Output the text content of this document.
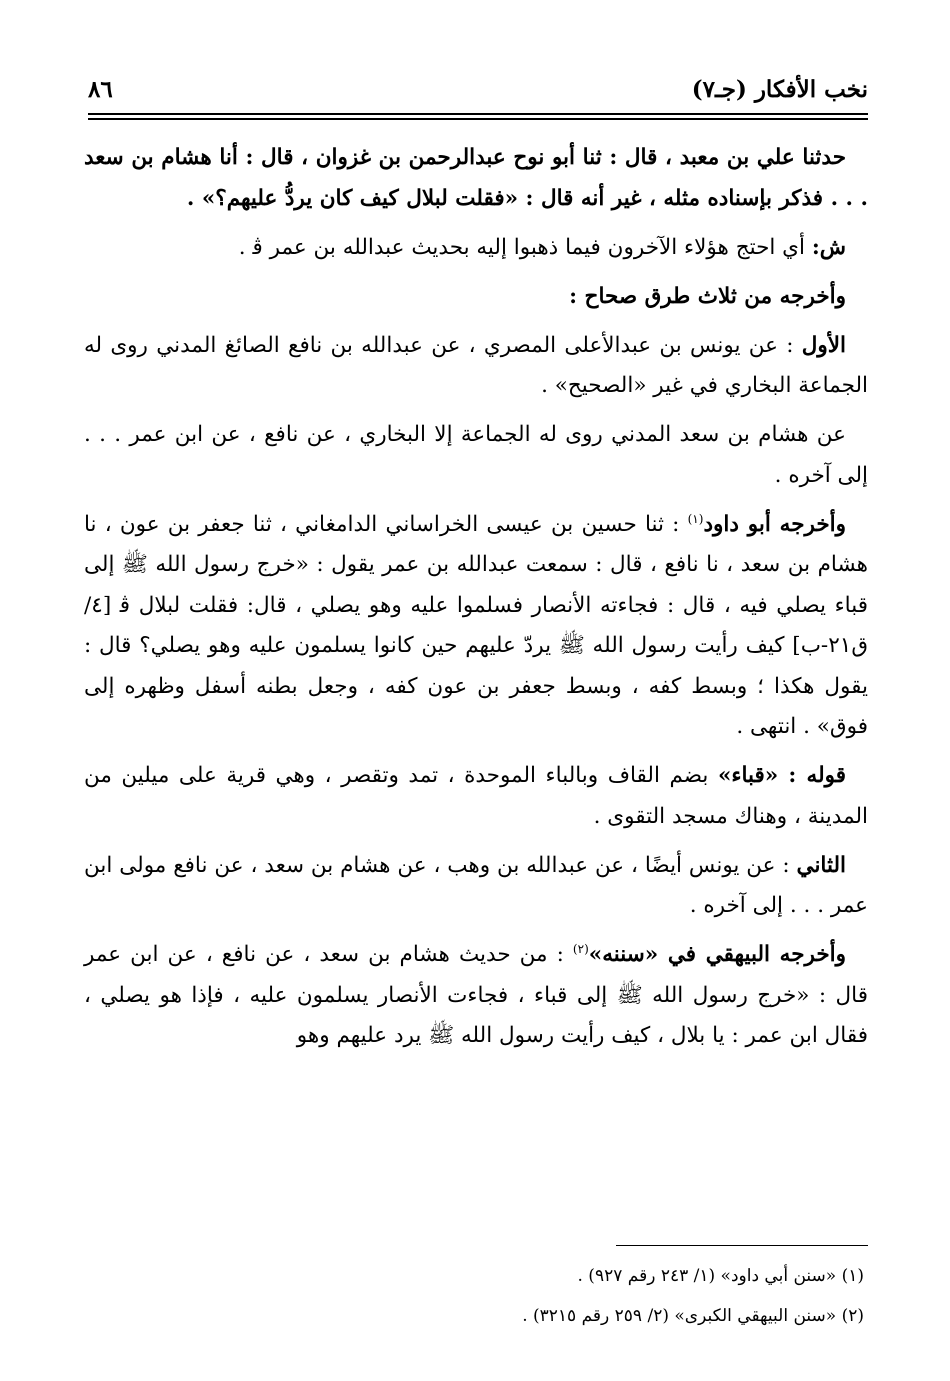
نخب الأفكار (جـ٧)
٨٦

حدثنا علي بن معبد ، قال : ثنا أبو نوح عبدالرحمن بن غزوان ، قال : أنا هشام بن سعد . . . فذكر بإسناده مثله ، غير أنه قال : «فقلت لبلال كيف كان يردُّ عليهم؟» .

ش: أي احتج هؤلاء الآخرون فيما ذهبوا إليه بحديث عبدالله بن عمر ﭬ .

وأخرجه من ثلاث طرق صحاح :

الأول : عن يونس بن عبدالأعلى المصري ، عن عبدالله بن نافع الصائغ المدني روى له الجماعة البخاري في غير «الصحيح» .

عن هشام بن سعد المدني روى له الجماعة إلا البخاري ، عن نافع ، عن ابن عمر . . . إلى آخره .

وأخرجه أبو داود$^{(١)}$ : ثنا حسين بن عيسى الخراساني الدامغاني ، ثنا جعفر بن عون ، نا هشام بن سعد ، نا نافع ، قال : سمعت عبدالله بن عمر يقول : «خرج رسول الله ﷺ إلى قباء يصلي فيه ، قال : فجاءته الأنصار فسلموا عليه وهو يصلي ، قال: فقلت لبلال ﭬ [٤/ق٢١-ب] كيف رأيت رسول الله ﷺ يردّ عليهم حين كانوا يسلمون عليه وهو يصلي؟ قال : يقول هكذا ؛ وبسط كفه ، وبسط جعفر بن عون كفه ، وجعل بطنه أسفل وظهره إلى فوق» . انتهى .

قوله : «قباء» بضم القاف وبالباء الموحدة ، تمد وتقصر ، وهي قرية على ميلين من المدينة ، وهناك مسجد التقوى .

الثاني : عن يونس أيضًا ، عن عبدالله بن وهب ، عن هشام بن سعد ، عن نافع مولى ابن عمر . . . إلى آخره .

وأخرجه البيهقي في «سننه»$^{(٢)}$ : من حديث هشام بن سعد ، عن نافع ، عن ابن عمر قال : «خرج رسول الله ﷺ إلى قباء ، فجاءت الأنصار يسلمون عليه ، فإذا هو يصلي ، فقال ابن عمر : يا بلال ، كيف رأيت رسول الله ﷺ يرد عليهم وهو

(١) «سنن أبي داود» (١/ ٢٤٣ رقم ٩٢٧) .
(٢) «سنن البيهقي الكبرى» (٢/ ٢٥٩ رقم ٣٢١٥) .
